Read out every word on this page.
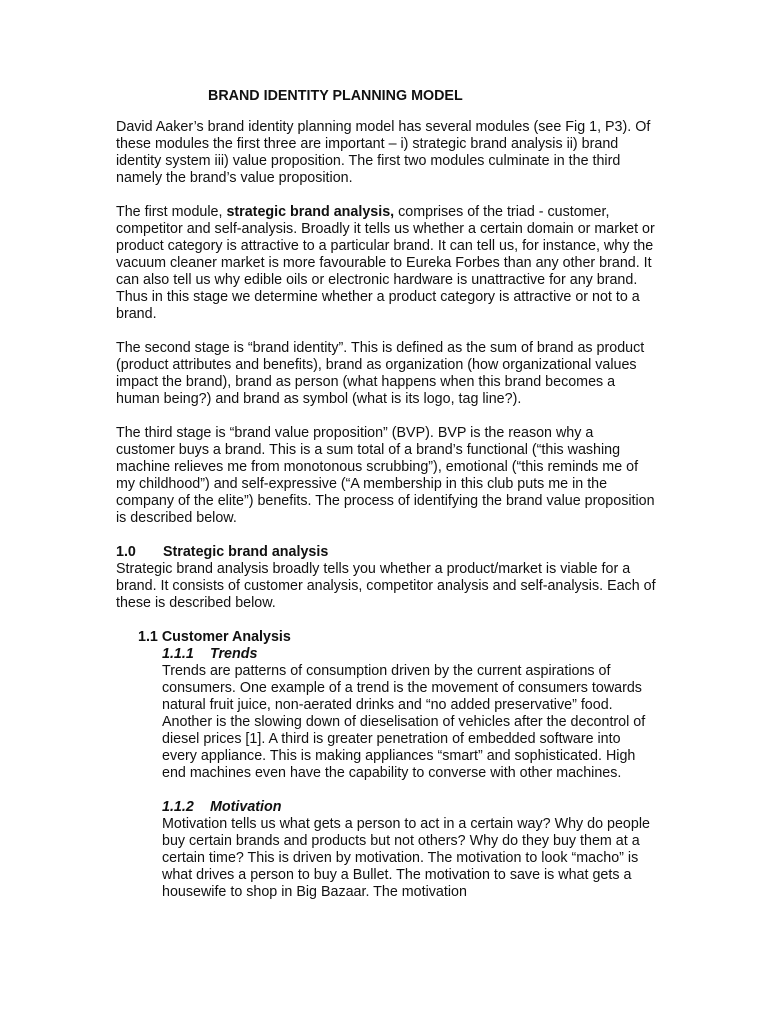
BRAND IDENTITY PLANNING MODEL

David Aaker’s brand identity planning model has several modules (see Fig 1, P3). Of these modules the first three are important – i) strategic brand analysis ii) brand identity system iii) value proposition. The first two modules culminate in the third namely the brand’s value proposition.

The first module, strategic brand analysis, comprises of the triad - customer, competitor and self-analysis. Broadly it tells us whether a certain domain or market or product category is attractive to a particular brand. It can tell us, for instance, why the vacuum cleaner market is more favourable to Eureka Forbes than any other brand. It can also tell us why edible oils or electronic hardware is unattractive for any brand. Thus in this stage we determine whether a product category is attractive or not to a brand.

The second stage is “brand identity”. This is defined as the sum of brand as product (product attributes and benefits), brand as organization (how organizational values impact the brand), brand as person (what happens when this brand becomes a human being?) and brand as symbol (what is its logo, tag line?).

The third stage is “brand value proposition” (BVP). BVP is the reason why a customer buys a brand. This is a sum total of a brand’s functional (“this washing machine relieves me from monotonous scrubbing”), emotional (“this reminds me of my childhood”) and self-expressive (“A membership in this club puts me in the company of the elite”) benefits. The process of identifying the brand value proposition is described below.

1.0 Strategic brand analysis

Strategic brand analysis broadly tells you whether a product/market is viable for a brand. It consists of customer analysis, competitor analysis and self-analysis. Each of these is described below.

1.1 Customer Analysis
1.1.1 Trends

Trends are patterns of consumption driven by the current aspirations of consumers. One example of a trend is the movement of consumers towards natural fruit juice, non-aerated drinks and “no added preservative” food. Another is the slowing down of dieselisation of vehicles after the decontrol of diesel prices [1]. A third is greater penetration of embedded software into every appliance. This is making appliances “smart” and sophisticated. High end machines even have the capability to converse with other machines.

1.1.2 Motivation

Motivation tells us what gets a person to act in a certain way? Why do people buy certain brands and products but not others? Why do they buy them at a certain time? This is driven by motivation. The motivation to look “macho” is what drives a person to buy a Bullet. The motivation to save is what gets a housewife to shop in Big Bazaar. The motivation
